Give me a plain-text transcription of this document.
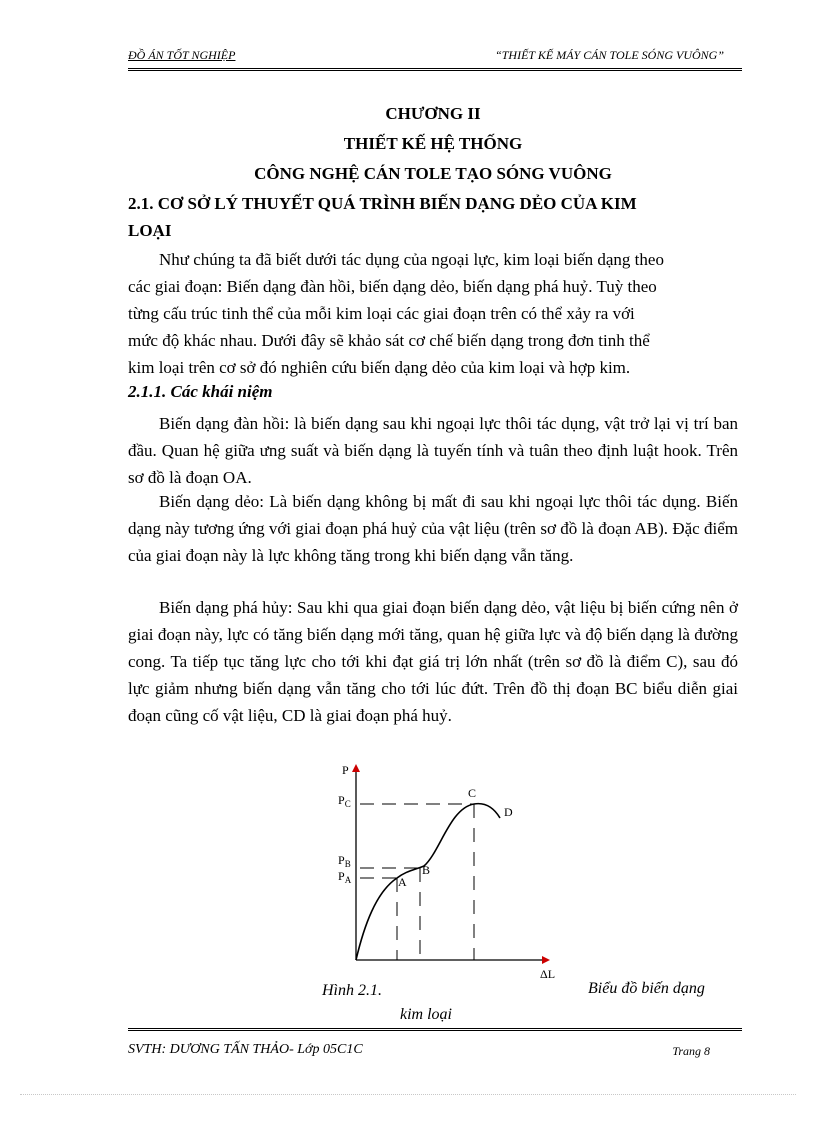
ĐỒ ÁN TỐT NGHIỆP	“THIẾT KẾ MÁY CÁN TOLE SÓNG VUÔNG”
CHƯƠNG II
THIẾT KẾ HỆ THỐNG
CÔNG NGHỆ CÁN TOLE TẠO SÓNG VUÔNG
2.1. CƠ SỞ LÝ THUYẾT QUÁ TRÌNH BIẾN DẠNG DẺO CỦA KIM
LOẠI
Như chúng ta đã biết dưới tác dụng của ngoại lực, kim loại biến dạng theo
các giai đoạn: Biến dạng đàn hồi, biến dạng dẻo, biến dạng phá huỷ. Tuỳ theo
từng cấu trúc tinh thể của mỗi kim loại các giai đoạn trên có thể xảy ra với
mức độ khác nhau. Dưới đây sẽ khảo sát cơ chế biến dạng trong đơn tinh thể
kim loại trên cơ sở đó nghiên cứu biến dạng dẻo của kim loại và hợp kim.
2.1.1. Các khái niệm

Biến dạng đàn hồi: là biến dạng sau khi ngoại lực thôi tác dụng, vật trở lại vị trí ban đầu. Quan hệ giữa ưng suất và biến dạng là tuyến tính và tuân theo định luật hook. Trên sơ đồ là đoạn OA.

Biến dạng dẻo: Là biến dạng không bị mất đi sau khi ngoại lực thôi tác dụng. Biến dạng này tương ứng với giai đoạn phá huỷ của vật liệu (trên sơ đồ là đoạn AB). Đặc điểm của giai đoạn này là lực không tăng trong khi biến dạng vẫn tăng.

Biến dạng phá hủy: Sau khi qua giai đoạn biến dạng dẻo, vật liệu bị biến cứng nên ở giai đoạn này, lực có tăng biến dạng mới tăng, quan hệ giữa lực và độ biến dạng là đường cong. Ta tiếp tục tăng lực cho tới khi đạt giá trị lớn nhất (trên sơ đồ là điểm C), sau đó lực giảm nhưng biến dạng vẫn tăng cho tới lúc đứt. Trên đồ thị đoạn BC biểu diễn giai đoạn cũng cố vật liệu, CD là giai đoạn phá huỷ.

P
ΔL
$P_C$
$P_B$
$P_A$	A
B
C
D
Hình 2.1.	Biểu đồ biến dạng
kim loại
SVTH: DƯƠNG TẤN THẢO- Lớp 05C1C	Trang 8
